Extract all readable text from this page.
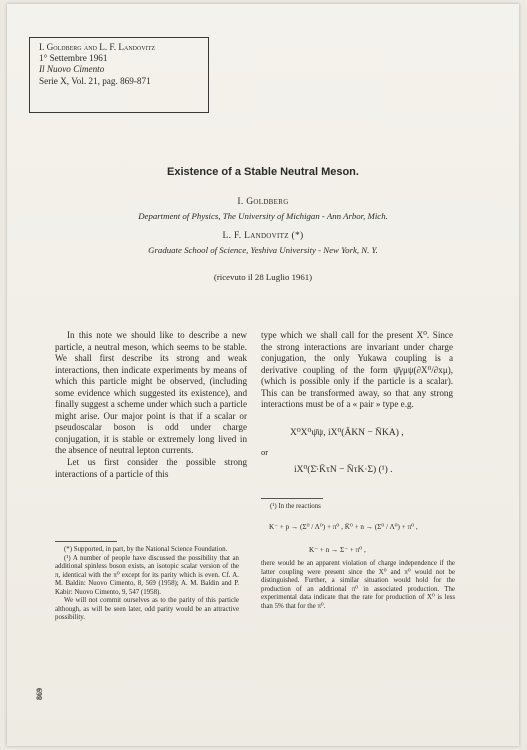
I. Goldberg and L. F. Landovitz
1° Settembre 1961
Il Nuovo Cimento
Serie X, Vol. 21, pag. 869-871
Existence of a Stable Neutral Meson.
I. Goldberg
Department of Physics, The University of Michigan - Ann Arbor, Mich.
L. F. Landovitz (*)
Graduate School of Science, Yeshiva University - New York, N. Y.
(ricevuto il 28 Luglio 1961)

In this note we should like to describe a new particle, a neutral meson, which seems to be stable. We shall first describe its strong and weak interactions, then indicate experiments by means of which this particle might be observed, (including some evidence which suggested its existence), and finally suggest a scheme under which such a particle might arise. Our major point is that if a scalar or pseudoscalar boson is odd under charge conjugation, it is stable or extremely long lived in the absence of neutral lepton currents.

Let us first consider the possible strong interactions of a particle of this

type which we shall call for the present X⁰. Since the strong interactions are invariant under charge conjugation, the only Yukawa coupling is a derivative coupling of the form ψ̄γμψ(∂X⁰/∂xμ), (which is possible only if the particle is a scalar). This can be transformed away, so that any strong interactions must be of a « pair » type e.g.

X⁰X⁰ψ̄ψ, iX⁰(ĀKN − N̄KA) ,
or
iX⁰(Σ̄·K̄τN − N̄τK·Σ) (¹) .

(*) Supported, in part, by the National Science Foundation.

(¹) A number of people have discussed the possibility that an additional spinless boson exists, an isotopic scalar version of the π, identical with the π⁰ except for its parity which is even. Cf. A. M. Baldin: Nuovo Cimento, 8, 569 (1958); A. M. Baldin and P. Kabir: Nuovo Cimento, 9, 547 (1958).

We will not commit ourselves as to the parity of this particle although, as will be seen later, odd parity would be an attractive possibility.

(¹) In the reactions

K⁻ + p → (Σ⁰ / Λ⁰) + π⁰ , K̄⁰ + n → (Σ⁰ / Λ⁰) + π⁰ ,
K⁻ + n → Σ⁻ + π⁰ ,

there would be an apparent violation of charge independence if the latter coupling were present since the X⁰ and π⁰ would not be distinguished. Further, a similar situation would hold for the production of an additional π⁰ in associated production. The experimental data indicate that the rate for production of X⁰ is less than 5% that for the π⁰.

869
